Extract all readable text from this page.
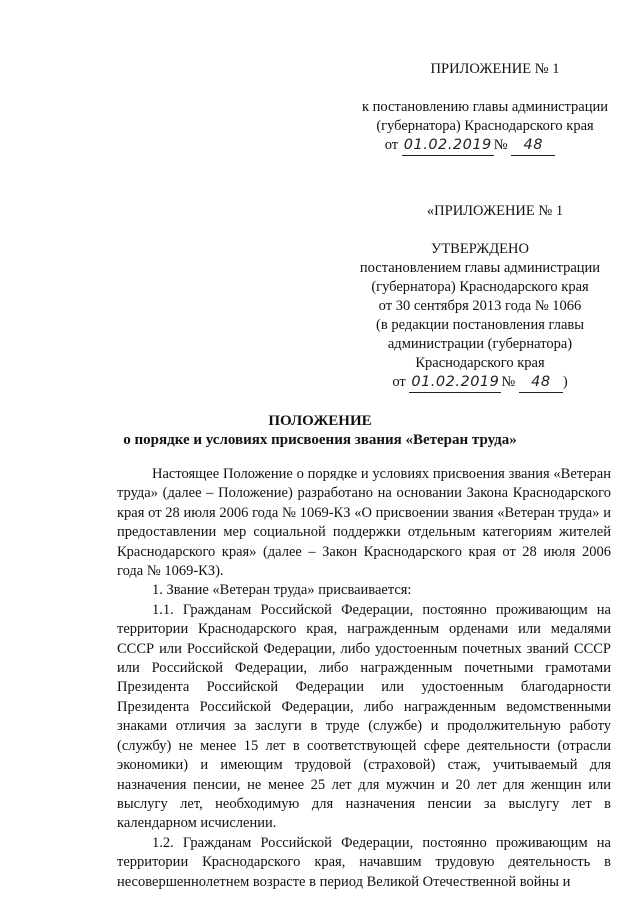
ПРИЛОЖЕНИЕ № 1
к постановлению главы администрации
(губернатора) Краснодарского края
от 01.02.2019 № 48
«ПРИЛОЖЕНИЕ № 1
УТВЕРЖДЕНО
постановлением главы администрации
(губернатора) Краснодарского края
от 30 сентября 2013 года № 1066
(в редакции постановления главы
администрации (губернатора)
Краснодарского края
от 01.02.2019 № 48 )
ПОЛОЖЕНИЕ
о порядке и условиях присвоения звания «Ветеран труда»

Настоящее Положение о порядке и условиях присвоения звания «Ветеран труда» (далее – Положение) разработано на основании Закона Краснодарского края от 28 июля 2006 года № 1069-КЗ «О присвоении звания «Ветеран труда» и предоставлении мер социальной поддержки отдельным категориям жителей Краснодарского края» (далее – Закон Краснодарского края от 28 июля 2006 года № 1069-КЗ).

1. Звание «Ветеран труда» присваивается:

1.1. Гражданам Российской Федерации, постоянно проживающим на территории Краснодарского края, награжденным орденами или медалями СССР или Российской Федерации, либо удостоенным почетных званий СССР или Российской Федерации, либо награжденным почетными грамотами Президента Российской Федерации или удостоенным благодарности Президента Российской Федерации, либо награжденным ведомственными знаками отличия за заслуги в труде (службе) и продолжительную работу (службу) не менее 15 лет в соответствующей сфере деятельности (отрасли экономики) и имеющим трудовой (страховой) стаж, учитываемый для назначения пенсии, не менее 25 лет для мужчин и 20 лет для женщин или выслугу лет, необходимую для назначения пенсии за выслугу лет в календарном исчислении.

1.2. Гражданам Российской Федерации, постоянно проживающим на территории Краснодарского края, начавшим трудовую деятельность в несовершеннолетнем возрасте в период Великой Отечественной войны и
